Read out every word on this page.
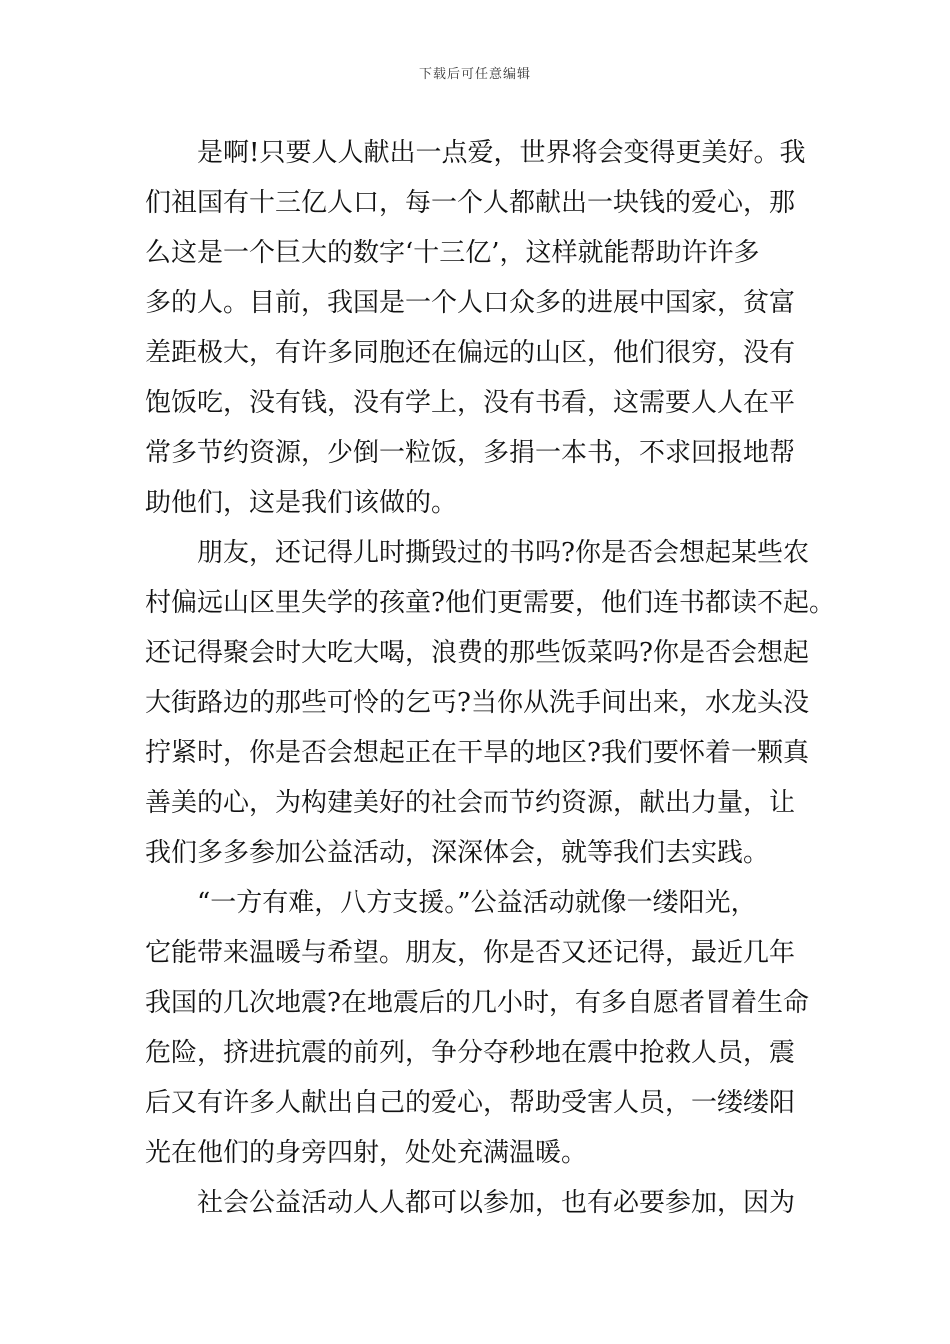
下载后可任意编辑
　　是啊!只要人人献出一点爱，世界将会变得更美好。我
们祖国有十三亿人口，每一个人都献出一块钱的爱心，那
么这是一个巨大的数字‘十三亿’，这样就能帮助许许多
多的人。目前，我国是一个人口众多的进展中国家，贫富
差距极大，有许多同胞还在偏远的山区，他们很穷，没有
饱饭吃，没有钱，没有学上，没有书看，这需要人人在平
常多节约资源，少倒一粒饭，多捐一本书，不求回报地帮
助他们，这是我们该做的。
　　朋友，还记得儿时撕毁过的书吗?你是否会想起某些农
村偏远山区里失学的孩童?他们更需要，他们连书都读不起。
还记得聚会时大吃大喝，浪费的那些饭菜吗?你是否会想起
大街路边的那些可怜的乞丐?当你从洗手间出来，水龙头没
拧紧时，你是否会想起正在干旱的地区?我们要怀着一颗真
善美的心，为构建美好的社会而节约资源，献出力量，让
我们多多参加公益活动，深深体会，就等我们去实践。
　　“一方有难，八方支援。”公益活动就像一缕阳光，
它能带来温暖与希望。朋友，你是否又还记得，最近几年
我国的几次地震?在地震后的几小时，有多自愿者冒着生命
危险，挤进抗震的前列，争分夺秒地在震中抢救人员，震
后又有许多人献出自己的爱心，帮助受害人员，一缕缕阳
光在他们的身旁四射，处处充满温暖。
　　社会公益活动人人都可以参加，也有必要参加，因为
